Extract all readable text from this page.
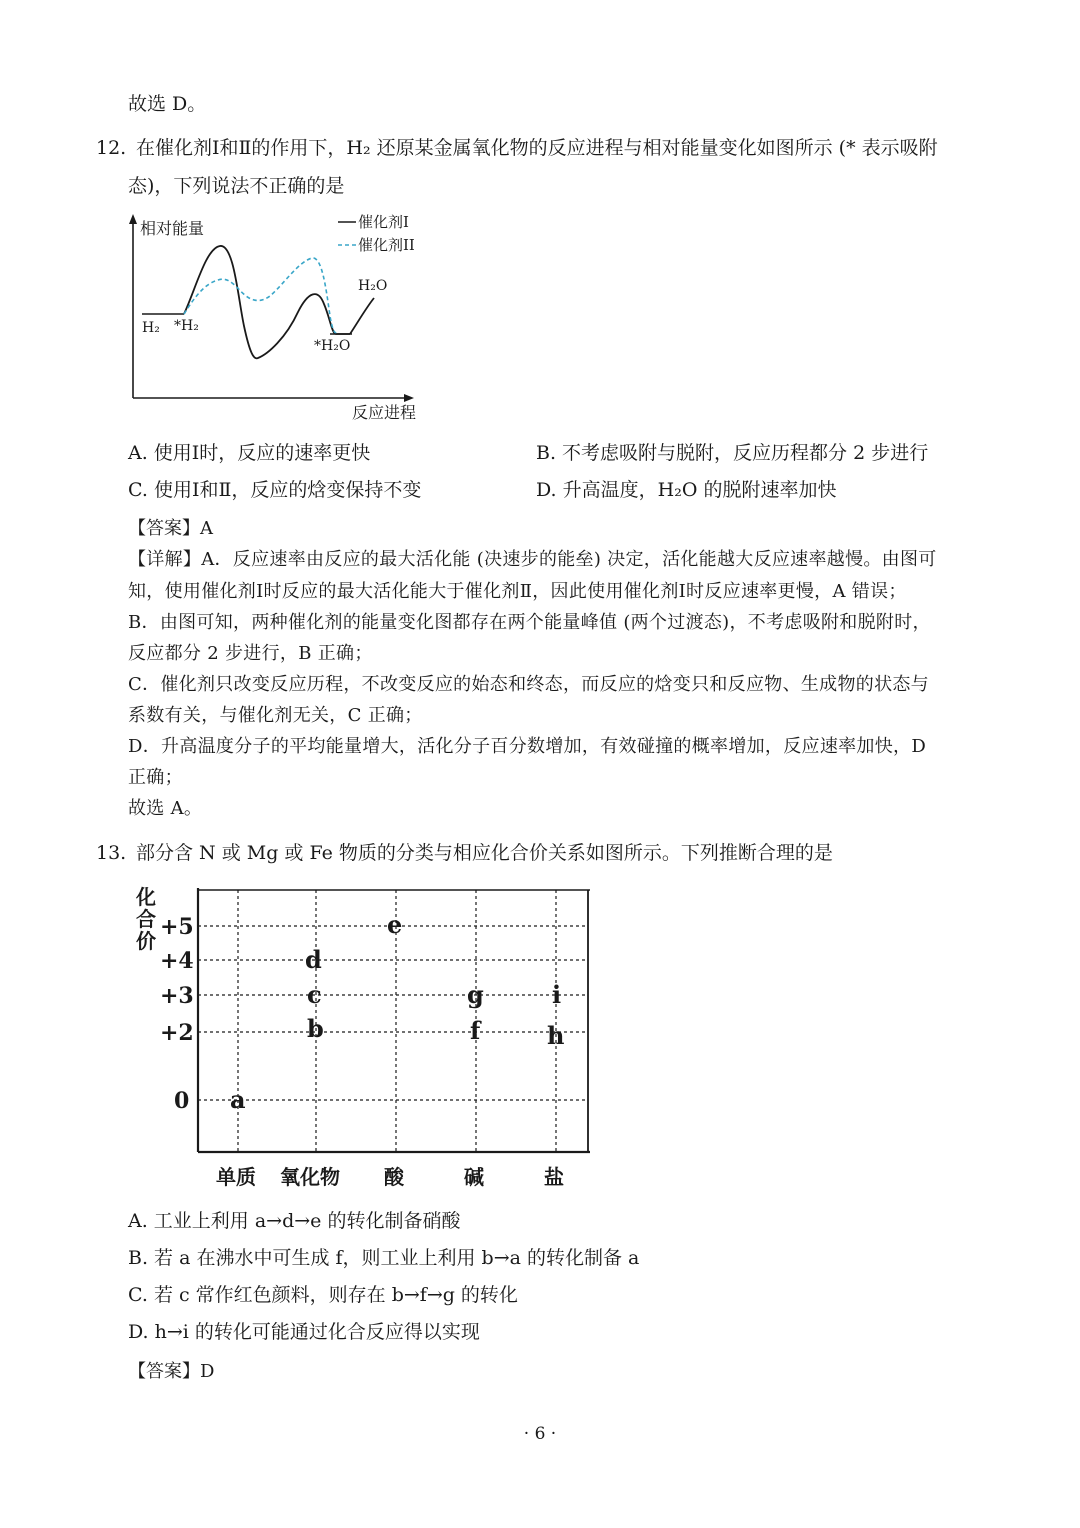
故选 D。
12. 在催化剂Ⅰ和Ⅱ的作用下，H₂ 还原某金属氧化物的反应进程与相对能量变化如图所示 (* 表示吸附
态)，下列说法不正确的是
相对能量
反应进程
催化剂I
催化剂II
H₂ *H₂
*H₂O
H₂O
A. 使用Ⅰ时，反应的速率更快	B. 不考虑吸附与脱附，反应历程都分 2 步进行
C. 使用Ⅰ和Ⅱ，反应的焓变保持不变	D. 升高温度，H₂O 的脱附速率加快
【答案】A
【详解】A．反应速率由反应的最大活化能 (决速步的能垒) 决定，活化能越大反应速率越慢。由图可
知，使用催化剂Ⅰ时反应的最大活化能大于催化剂Ⅱ，因此使用催化剂Ⅰ时反应速率更慢，A 错误；
B．由图可知，两种催化剂的能量变化图都存在两个能量峰值 (两个过渡态)，不考虑吸附和脱附时，
反应都分 2 步进行，B 正确；
C．催化剂只改变反应历程，不改变反应的始态和终态，而反应的焓变只和反应物、生成物的状态与
系数有关，与催化剂无关，C 正确；
D．升高温度分子的平均能量增大，活化分子百分数增加，有效碰撞的概率增加，反应速率加快，D
正确；
故选 A。
13. 部分含 N 或 Mg 或 Fe 物质的分类与相应化合价关系如图所示。下列推断合理的是
化合价
+5
+4
+3
+2
0
单质 氧化物 酸	碱	盐
e
d
c	g	i
b	f	h
a
A. 工业上利用 a→d→e 的转化制备硝酸
B. 若 a 在沸水中可生成 f，则工业上利用 b→a 的转化制备 a
C. 若 c 常作红色颜料，则存在 b→f→g 的转化
D. h→i 的转化可能通过化合反应得以实现
【答案】D
· 6 ·
